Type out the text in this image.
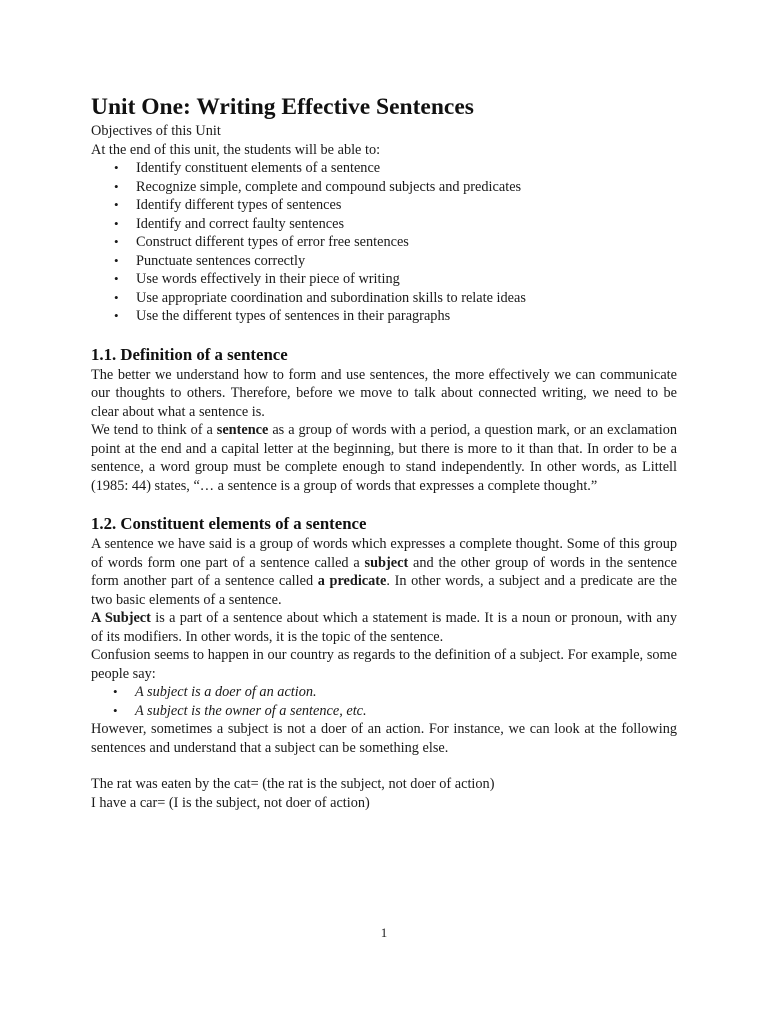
Unit One: Writing Effective Sentences

Objectives of this Unit

At the end of this unit, the students will be able to:

• Identify constituent elements of a sentence
• Recognize simple, complete and compound subjects and predicates
• Identify different types of sentences
• Identify and correct faulty sentences
• Construct different types of error free sentences
• Punctuate sentences correctly
• Use words effectively in their piece of writing
• Use appropriate coordination and subordination skills to relate ideas
• Use the different types of sentences in their paragraphs
1.1. Definition of a sentence

The better we understand how to form and use sentences, the more effectively we can communicate our thoughts to others. Therefore, before we move to talk about connected writing, we need to be clear about what a sentence is.

We tend to think of a sentence as a group of words with a period, a question mark, or an exclamation point at the end and a capital letter at the beginning, but there is more to it than that. In order to be a sentence, a word group must be complete enough to stand independently. In other words, as Littell (1985: 44) states, “… a sentence is a group of words that expresses a complete thought.”

1.2. Constituent elements of a sentence

A sentence we have said is a group of words which expresses a complete thought. Some of this group of words form one part of a sentence called a subject and the other group of words in the sentence form another part of a sentence called a predicate. In other words, a subject and a predicate are the two basic elements of a sentence.

A Subject is a part of a sentence about which a statement is made. It is a noun or pronoun, with any of its modifiers. In other words, it is the topic of the sentence.

Confusion seems to happen in our country as regards to the definition of a subject. For example, some people say:

• A subject is a doer of an action.
• A subject is the owner of a sentence, etc.

However, sometimes a subject is not a doer of an action. For instance, we can look at the following sentences and understand that a subject can be something else.

The rat was eaten by the cat= (the rat is the subject, not doer of action)

I have a car= (I is the subject, not doer of action)

1
